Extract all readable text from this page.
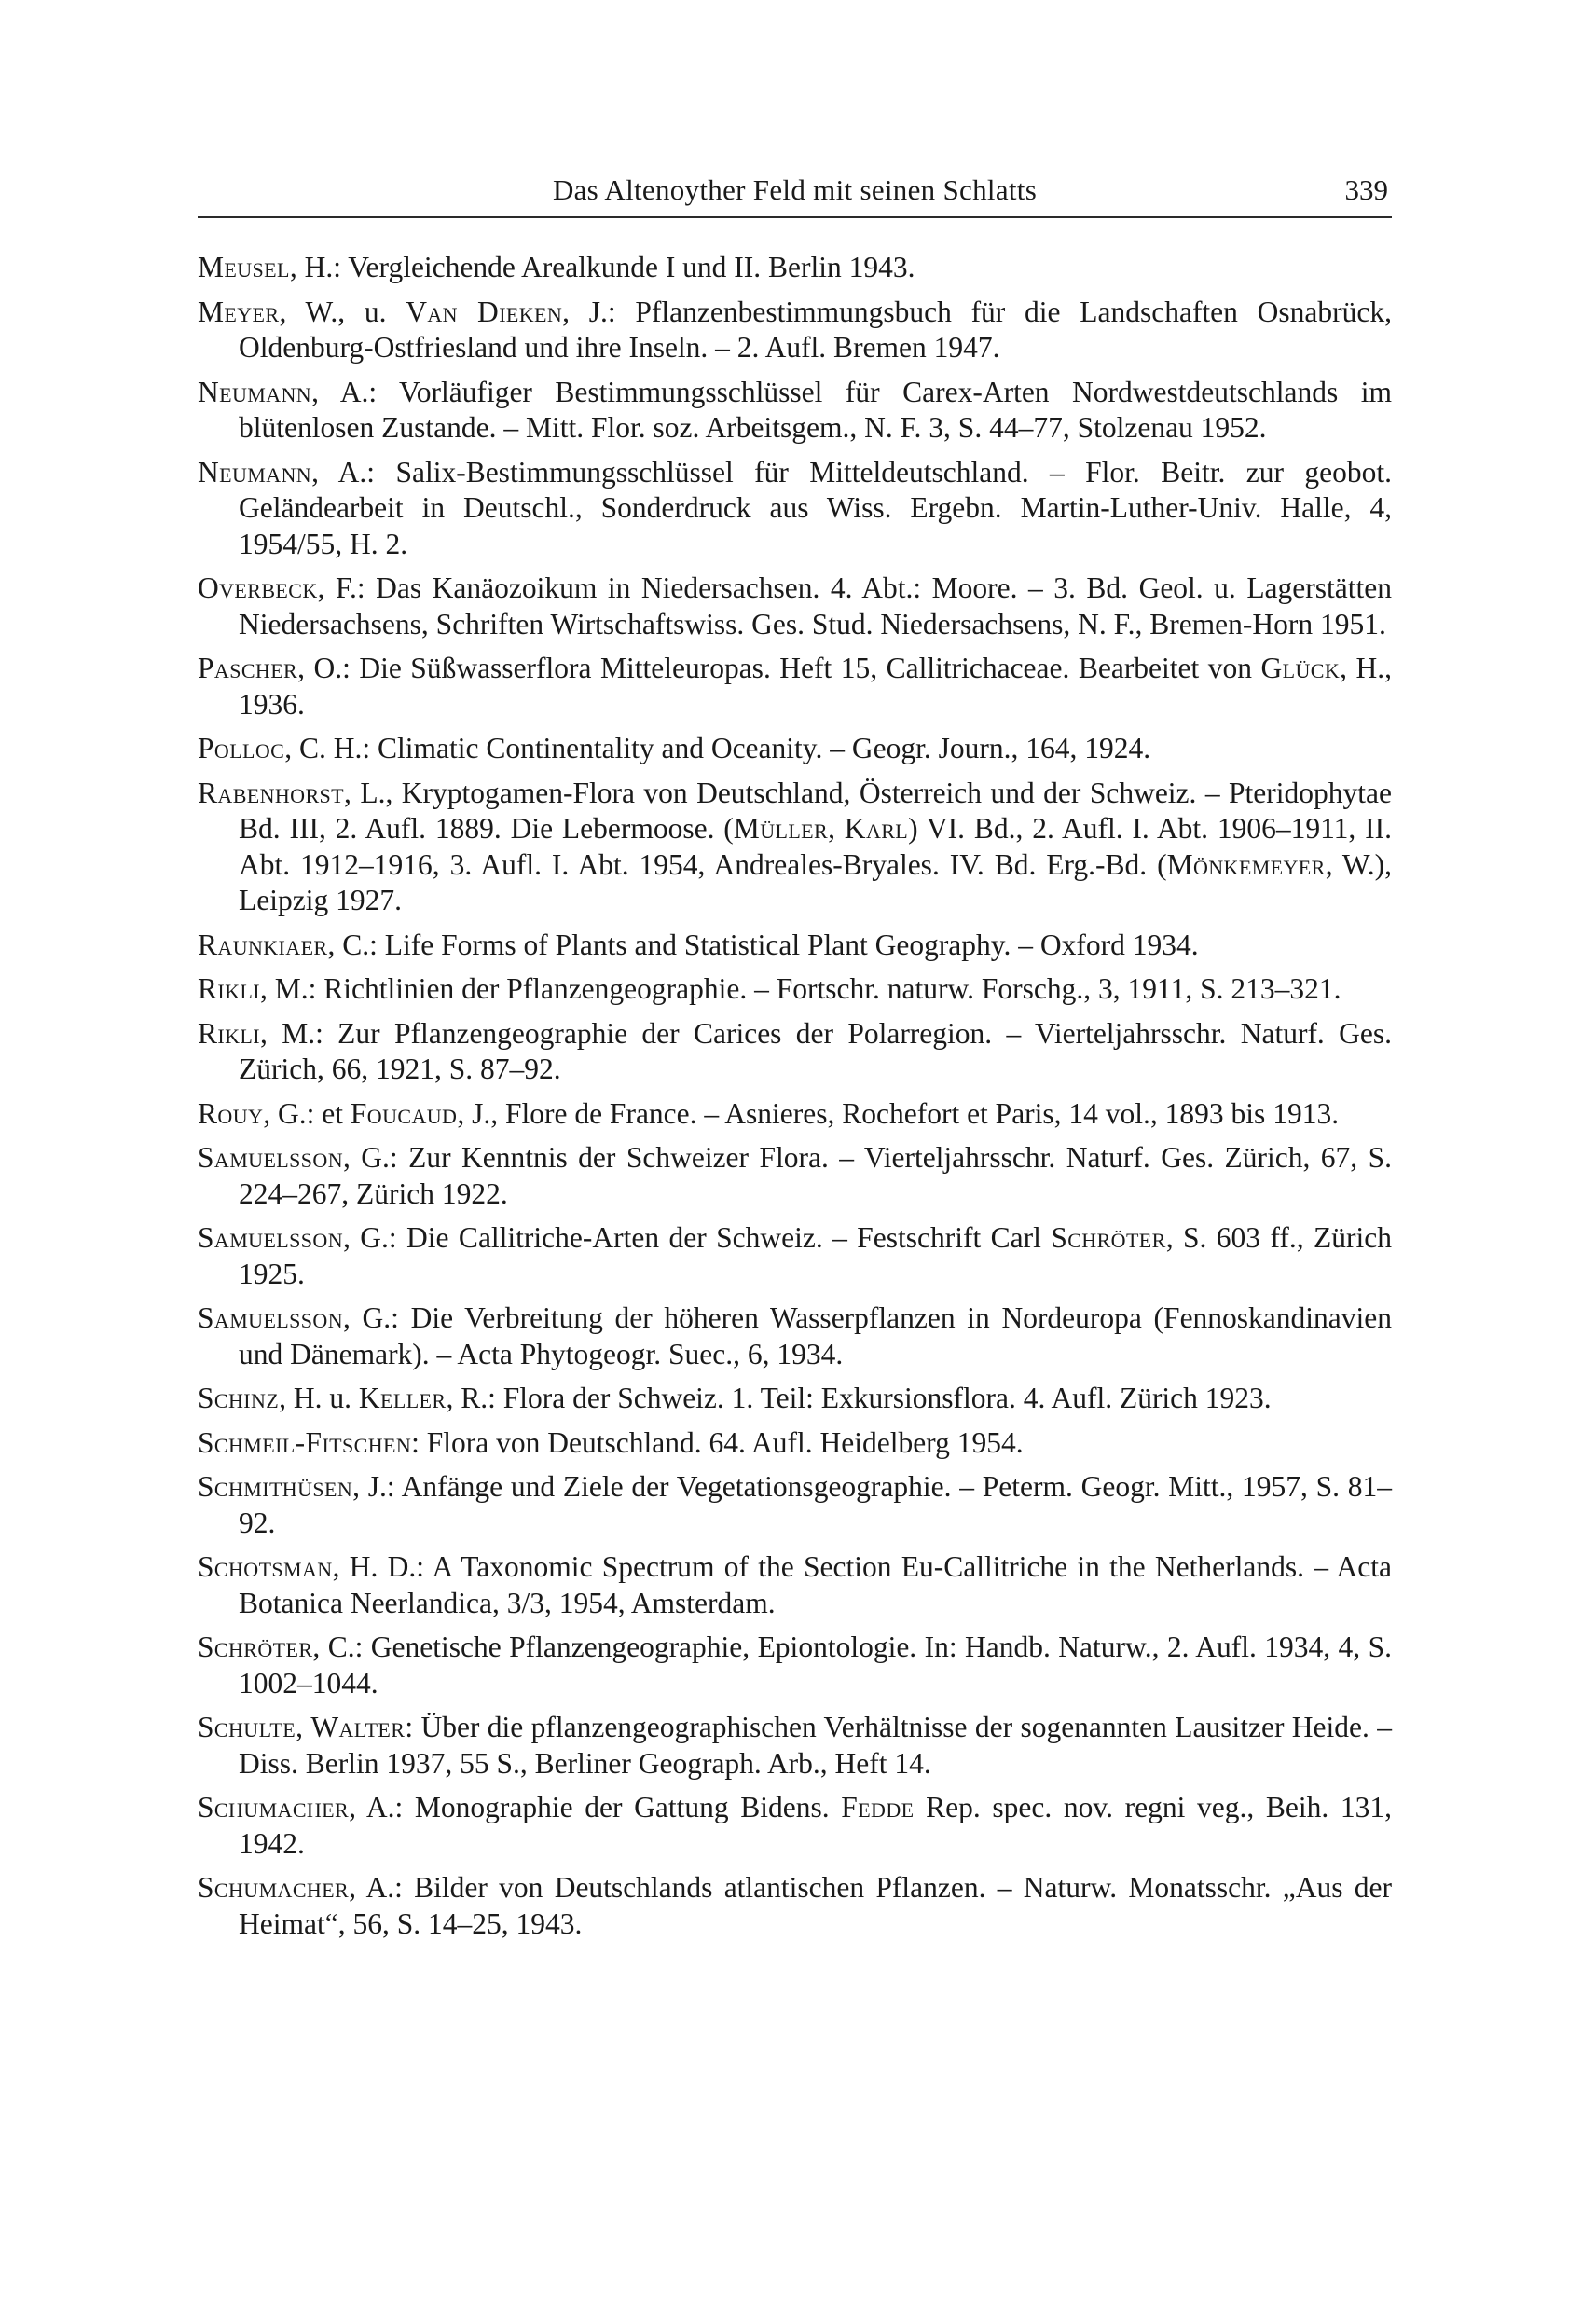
Das Altenoyther Feld mit seinen Schlatts	339
Meusel, H.: Vergleichende Arealkunde I und II. Berlin 1943.
Meyer, W., u. Van Dieken, J.: Pflanzenbestimmungsbuch für die Landschaften Osnabrück, Oldenburg-Ostfriesland und ihre Inseln. – 2. Aufl. Bremen 1947.
Neumann, A.: Vorläufiger Bestimmungsschlüssel für Carex-Arten Nordwestdeutschlands im blütenlosen Zustande. – Mitt. Flor. soz. Arbeitsgem., N. F. 3, S. 44–77, Stolzenau 1952.
Neumann, A.: Salix-Bestimmungsschlüssel für Mitteldeutschland. – Flor. Beitr. zur geobot. Geländearbeit in Deutschl., Sonderdruck aus Wiss. Ergebn. Martin-Luther-Univ. Halle, 4, 1954/55, H. 2.
Overbeck, F.: Das Kanäozoikum in Niedersachsen. 4. Abt.: Moore. – 3. Bd. Geol. u. Lagerstätten Niedersachsens, Schriften Wirtschaftswiss. Ges. Stud. Niedersachsens, N. F., Bremen-Horn 1951.
Pascher, O.: Die Süßwasserflora Mitteleuropas. Heft 15, Callitrichaceae. Bearbeitet von Glück, H., 1936.
Polloc, C. H.: Climatic Continentality and Oceanity. – Geogr. Journ., 164, 1924.
Rabenhorst, L., Kryptogamen-Flora von Deutschland, Österreich und der Schweiz. – Pteridophytae Bd. III, 2. Aufl. 1889. Die Lebermoose. (Müller, Karl) VI. Bd., 2. Aufl. I. Abt. 1906–1911, II. Abt. 1912–1916, 3. Aufl. I. Abt. 1954, Andreales-Bryales. IV. Bd. Erg.-Bd. (Mönkemeyer, W.), Leipzig 1927.
Raunkiaer, C.: Life Forms of Plants and Statistical Plant Geography. – Oxford 1934.
Rikli, M.: Richtlinien der Pflanzengeographie. – Fortschr. naturw. Forschg., 3, 1911, S. 213–321.
Rikli, M.: Zur Pflanzengeographie der Carices der Polarregion. – Vierteljahrsschr. Naturf. Ges. Zürich, 66, 1921, S. 87–92.
Rouy, G.: et Foucaud, J., Flore de France. – Asnieres, Rochefort et Paris, 14 vol., 1893 bis 1913.
Samuelsson, G.: Zur Kenntnis der Schweizer Flora. – Vierteljahrsschr. Naturf. Ges. Zürich, 67, S. 224–267, Zürich 1922.
Samuelsson, G.: Die Callitriche-Arten der Schweiz. – Festschrift Carl Schröter, S. 603 ff., Zürich 1925.
Samuelsson, G.: Die Verbreitung der höheren Wasserpflanzen in Nordeuropa (Fennoskandinavien und Dänemark). – Acta Phytogeogr. Suec., 6, 1934.
Schinz, H. u. Keller, R.: Flora der Schweiz. 1. Teil: Exkursionsflora. 4. Aufl. Zürich 1923.
Schmeil-Fitschen: Flora von Deutschland. 64. Aufl. Heidelberg 1954.
Schmithüsen, J.: Anfänge und Ziele der Vegetationsgeographie. – Peterm. Geogr. Mitt., 1957, S. 81–92.
Schotsman, H. D.: A Taxonomic Spectrum of the Section Eu-Callitriche in the Netherlands. – Acta Botanica Neerlandica, 3/3, 1954, Amsterdam.
Schröter, C.: Genetische Pflanzengeographie, Epiontologie. In: Handb. Naturw., 2. Aufl. 1934, 4, S. 1002–1044.
Schulte, Walter: Über die pflanzengeographischen Verhältnisse der sogenannten Lausitzer Heide. – Diss. Berlin 1937, 55 S., Berliner Geograph. Arb., Heft 14.
Schumacher, A.: Monographie der Gattung Bidens. Fedde Rep. spec. nov. regni veg., Beih. 131, 1942.
Schumacher, A.: Bilder von Deutschlands atlantischen Pflanzen. – Naturw. Monatsschr. „Aus der Heimat“, 56, S. 14–25, 1943.
